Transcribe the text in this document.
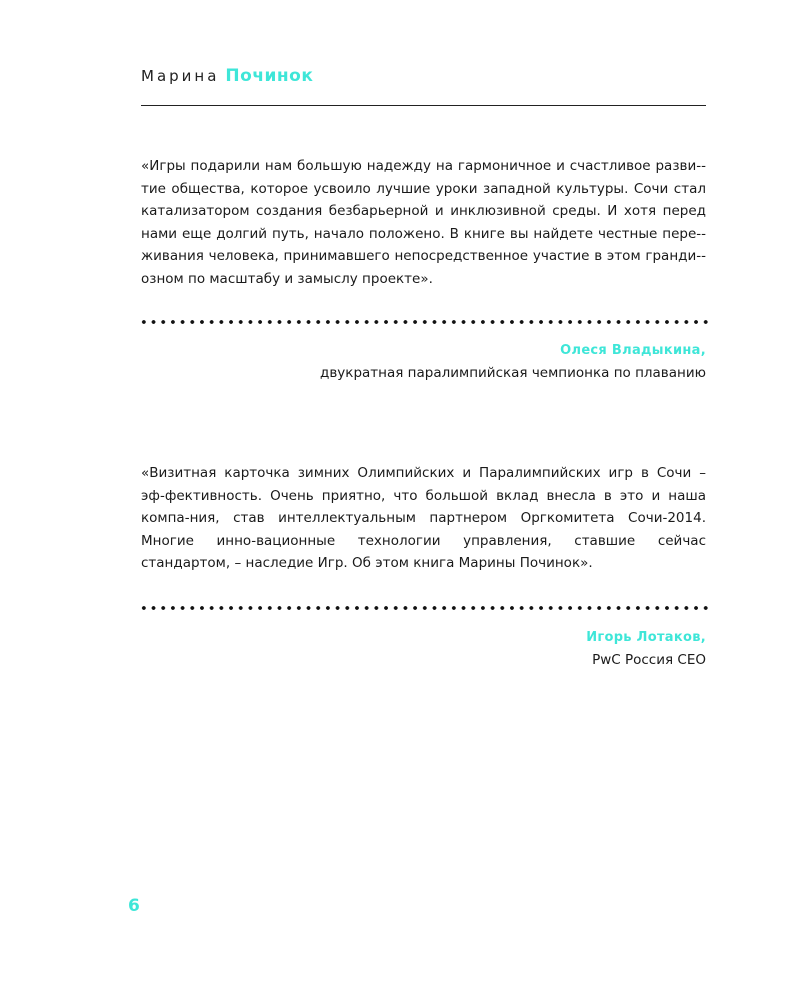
Марина Починок

«Игры подарили нам большую надежду на гармоничное и счастливое разви-тие общества, которое усвоило лучшие уроки западной культуры. Сочи стал катализатором создания безбарьерной и инклюзивной среды. И хотя перед нами еще долгий путь, начало положено. В книге вы найдете честные пере-живания человека, принимавшего непосредственное участие в этом гранди-озном по масштабу и замыслу проекте».

Олеся Владыкина,
двукратная паралимпийская чемпионка по плаванию

«Визитная карточка зимних Олимпийских и Паралимпийских игр в Сочи – эф-фективность. Очень приятно, что большой вклад внесла в это и наша компа-ния, став интеллектуальным партнером Оргкомитета Сочи-2014. Многие инно-вационные технологии управления, ставшие сейчас стандартом, – наследие Игр. Об этом книга Марины Починок».

Игорь Лотаков,
PwC Россия CEO
6
